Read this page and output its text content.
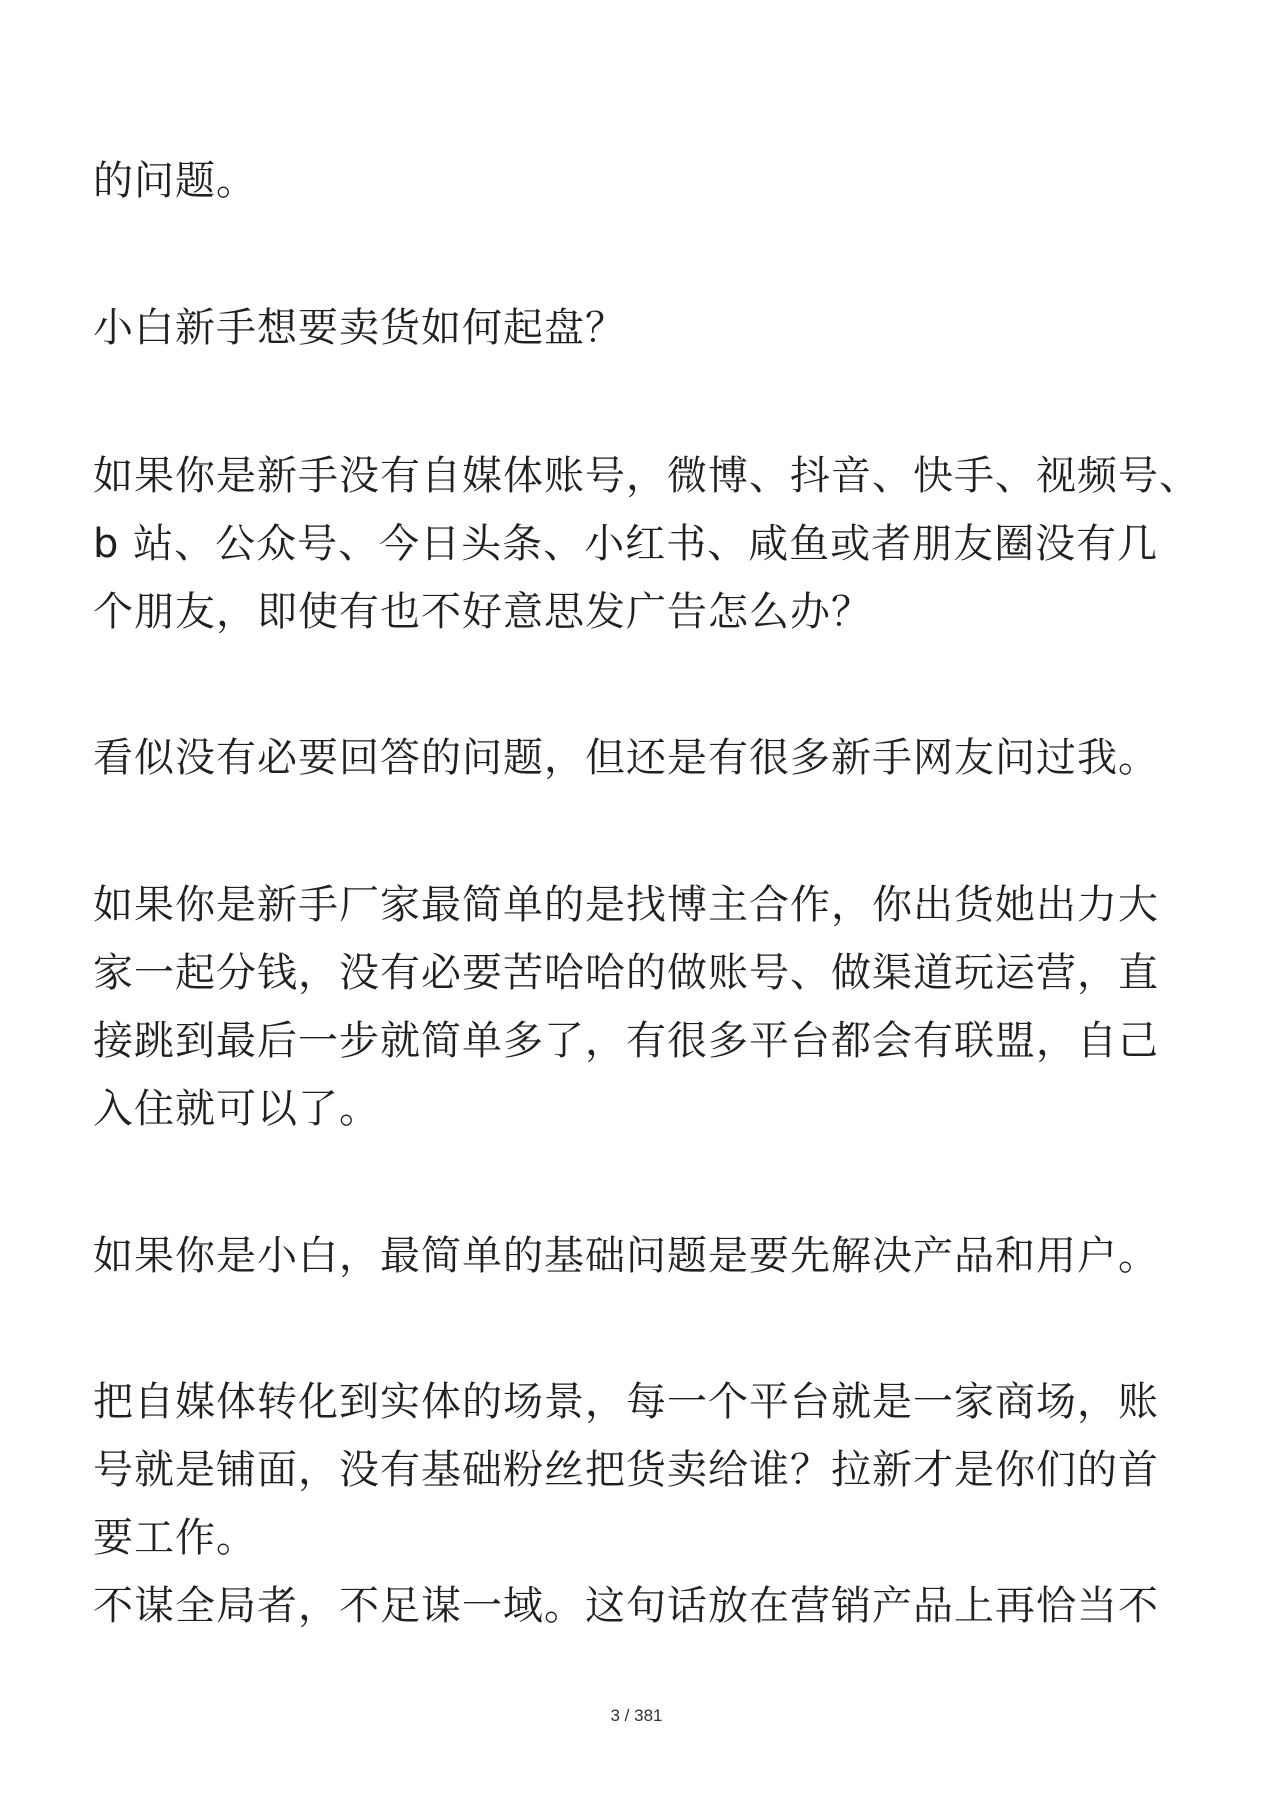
的问题。
小白新手想要卖货如何起盘？
如果你是新手没有自媒体账号，微博、抖音、快手、视频号、
b 站、公众号、今日头条、小红书、咸鱼或者朋友圈没有几
个朋友，即使有也不好意思发广告怎么办？
看似没有必要回答的问题，但还是有很多新手网友问过我。
如果你是新手厂家最简单的是找博主合作，你出货她出力大
家一起分钱，没有必要苦哈哈的做账号、做渠道玩运营，直
接跳到最后一步就简单多了，有很多平台都会有联盟，自己
入住就可以了。
如果你是小白，最简单的基础问题是要先解决产品和用户。
把自媒体转化到实体的场景，每一个平台就是一家商场，账
号就是铺面，没有基础粉丝把货卖给谁？拉新才是你们的首
要工作。
不谋全局者，不足谋一域。这句话放在营销产品上再恰当不
3 / 381
